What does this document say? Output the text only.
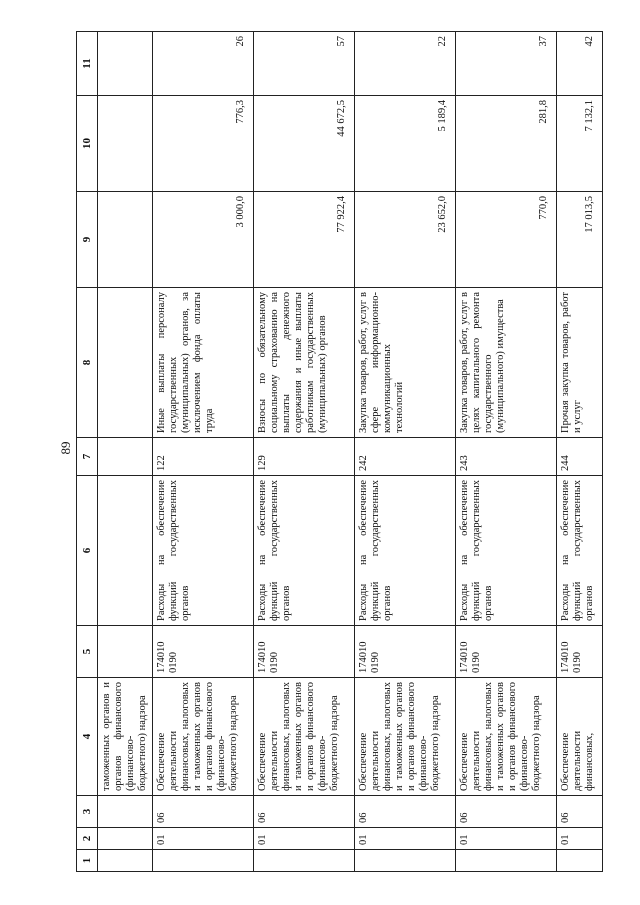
89
1	2	3	4	5	6	7	8	9	10	11
			таможенных органов и органов финансового (финансово-бюджетного) надзора							
	01	06	Обеспечение деятельности финансовых, налоговых и таможенных органов и органов финансового (финансово-бюджетного) надзора	174010 0190	Расходы на обеспечение функций государственных органов	122	Иные выплаты персоналу государственных (муниципальных) органов, за исключением фонда оплаты труда	3 000,0	776,3	26
	01	06	Обеспечение деятельности финансовых, налоговых и таможенных органов и органов финансового (финансово-бюджетного) надзора	174010 0190	Расходы на обеспечение функций государственных органов	129	Взносы по обязательному социальному страхованию на выплаты денежного содержания и иные выплаты работникам государственных (муниципальных) органов	77 922,4	44 672,5	57
	01	06	Обеспечение деятельности финансовых, налоговых и таможенных органов и органов финансового (финансово-бюджетного) надзора	174010 0190	Расходы на обеспечение функций государственных органов	242	Закупка товаров, работ, услуг в сфере информационно-коммуникационных технологий	23 652,0	5 189,4	22
	01	06	Обеспечение деятельности финансовых, налоговых и таможенных органов и органов финансового (финансово-бюджетного) надзора	174010 0190	Расходы на обеспечение функций государственных органов	243	Закупка товаров, работ, услуг в целях капитального ремонта государственного (муниципального) имущества	770,0	281,8	37
	01	06	Обеспечение деятельности финансовых,	174010 0190	Расходы на обеспечение функций государственных органов	244	Прочая закупка товаров, работ и услуг	17 013,5	7 132,1	42
